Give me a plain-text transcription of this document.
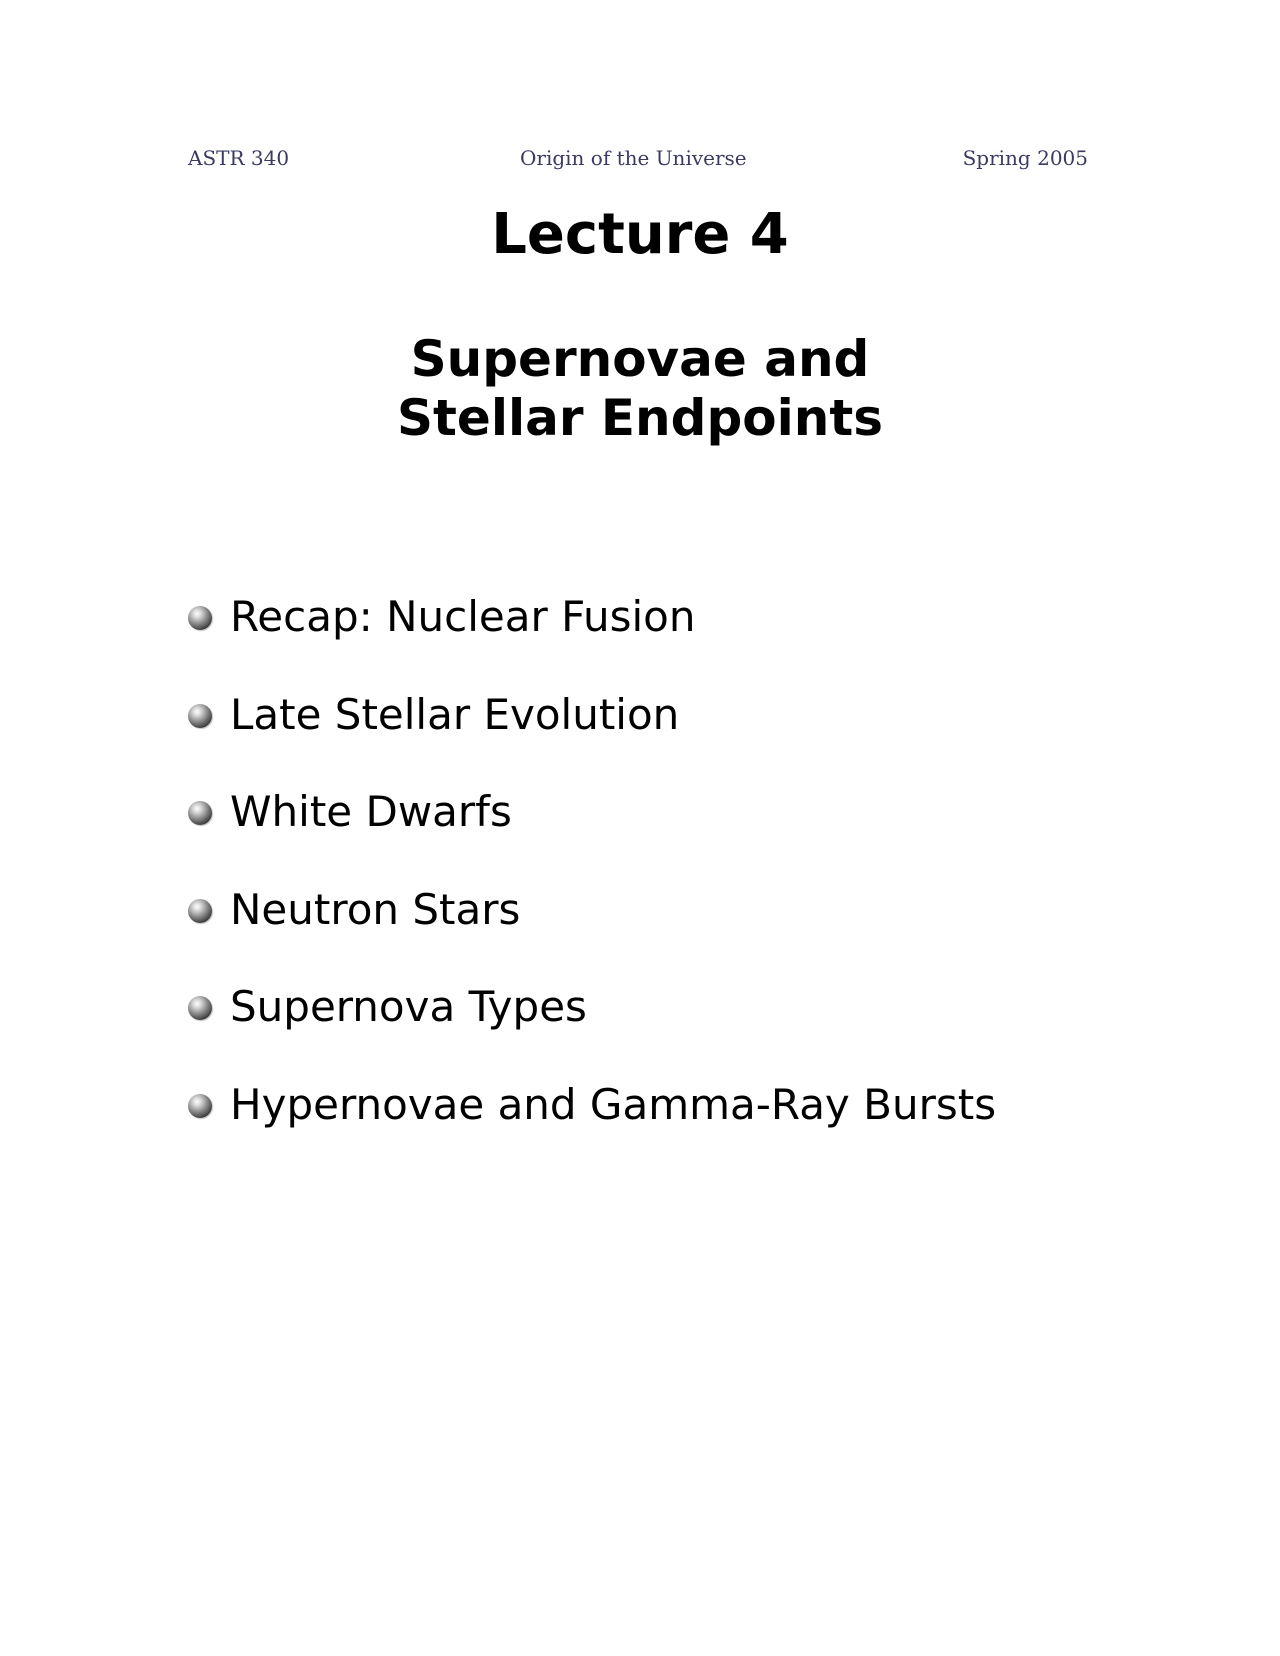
ASTR 340	Origin of the Universe	Spring 2005
Lecture 4
Supernovae and
Stellar Endpoints
Recap: Nuclear Fusion
Late Stellar Evolution
White Dwarfs
Neutron Stars
Supernova Types
Hypernovae and Gamma-Ray Bursts
